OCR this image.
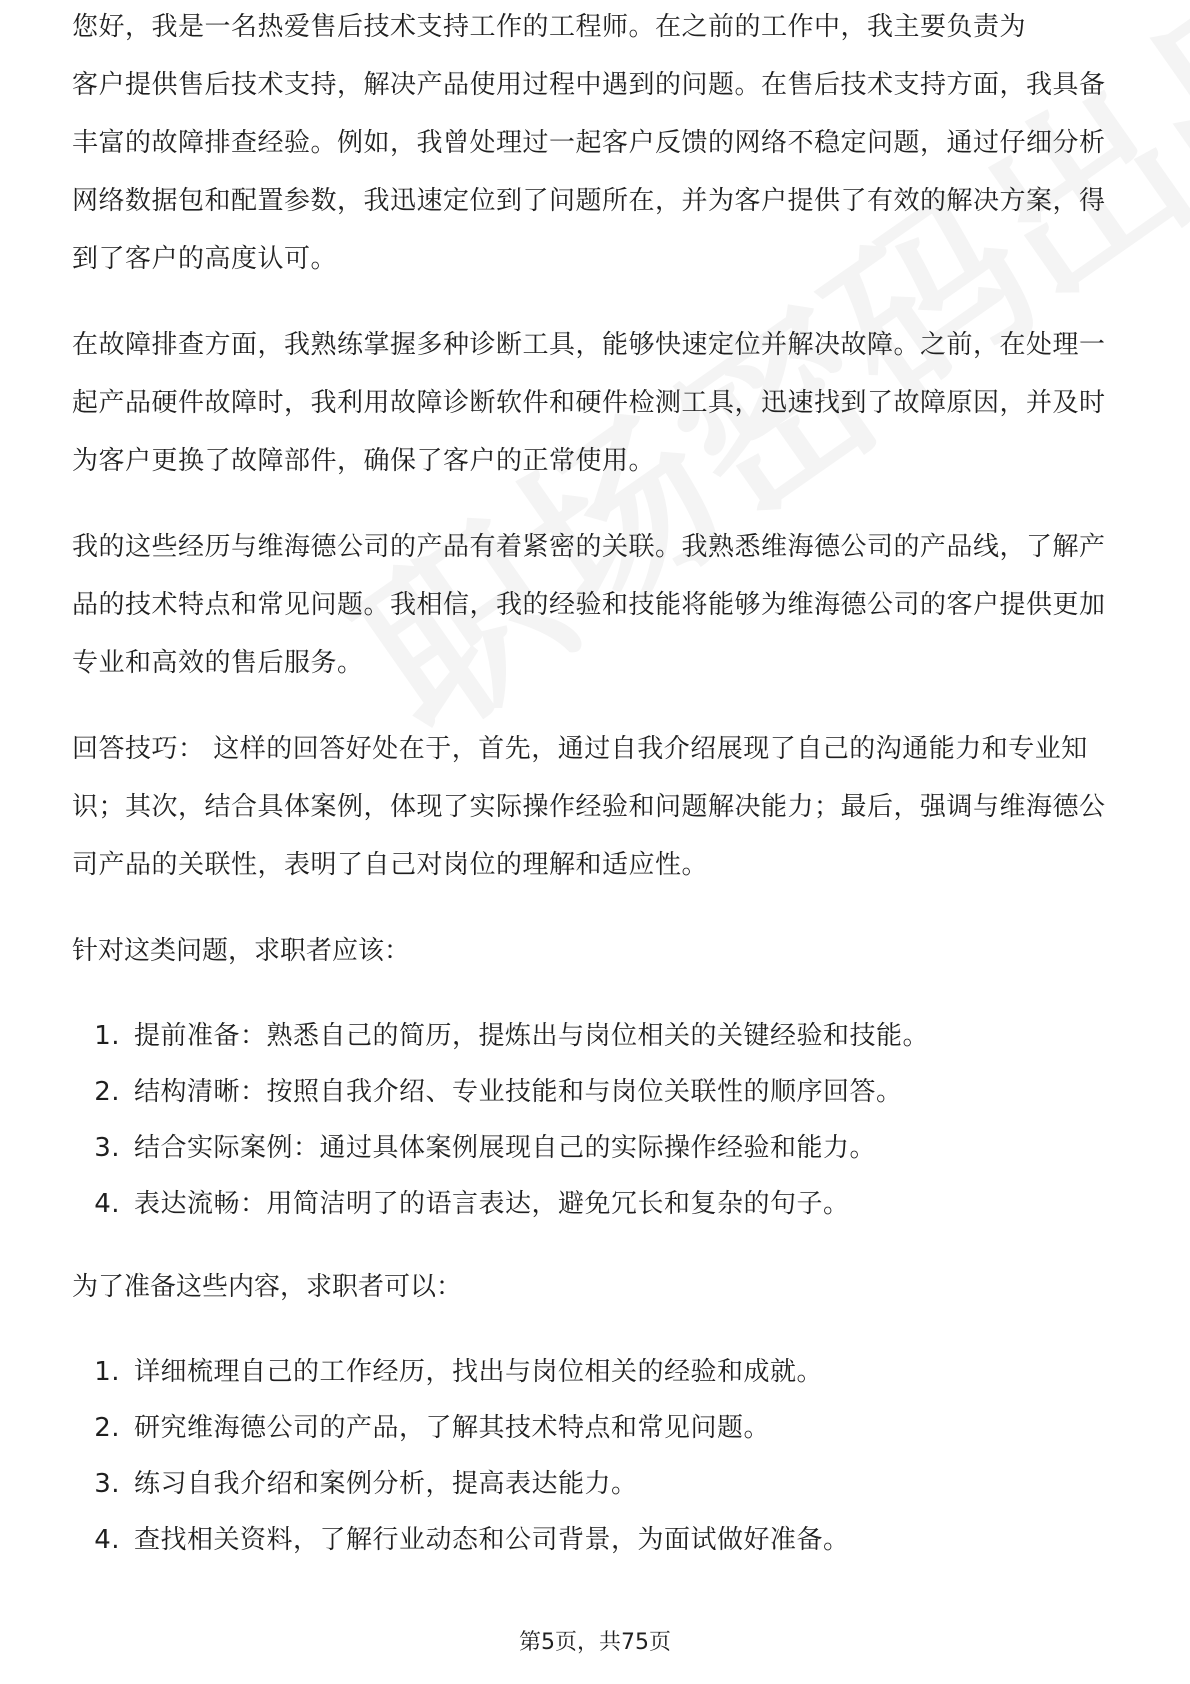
您好，我是一名热爱售后技术支持工作的工程师。在之前的工作中，我主要负责为

客户提供售后技术支持，解决产品使用过程中遇到的问题。在售后技术支持方面，我具备丰富的故障排查经验。例如，我曾处理过一起客户反馈的网络不稳定问题，通过仔细分析网络数据包和配置参数，我迅速定位到了问题所在，并为客户提供了有效的解决方案，得到了客户的高度认可。

在故障排查方面，我熟练掌握多种诊断工具，能够快速定位并解决故障。之前，在处理一起产品硬件故障时，我利用故障诊断软件和硬件检测工具，迅速找到了故障原因，并及时为客户更换了故障部件，确保了客户的正常使用。

我的这些经历与维海德公司的产品有着紧密的关联。我熟悉维海德公司的产品线，了解产品的技术特点和常见问题。我相信，我的经验和技能将能够为维海德公司的客户提供更加专业和高效的售后服务。

回答技巧： 这样的回答好处在于，首先，通过自我介绍展现了自己的沟通能力和专业知识；其次，结合具体案例，体现了实际操作经验和问题解决能力；最后，强调与维海德公司产品的关联性，表明了自己对岗位的理解和适应性。

针对这类问题，求职者应该：

1. 提前准备：熟悉自己的简历，提炼出与岗位相关的关键经验和技能。
2. 结构清晰：按照自我介绍、专业技能和与岗位关联性的顺序回答。
3. 结合实际案例：通过具体案例展现自己的实际操作经验和能力。
4. 表达流畅：用简洁明了的语言表达，避免冗长和复杂的句子。

为了准备这些内容，求职者可以：

1. 详细梳理自己的工作经历，找出与岗位相关的经验和成就。
2. 研究维海德公司的产品，了解其技术特点和常见问题。
3. 练习自我介绍和案例分析，提高表达能力。
4. 查找相关资料，了解行业动态和公司背景，为面试做好准备。
第5页，共75页
